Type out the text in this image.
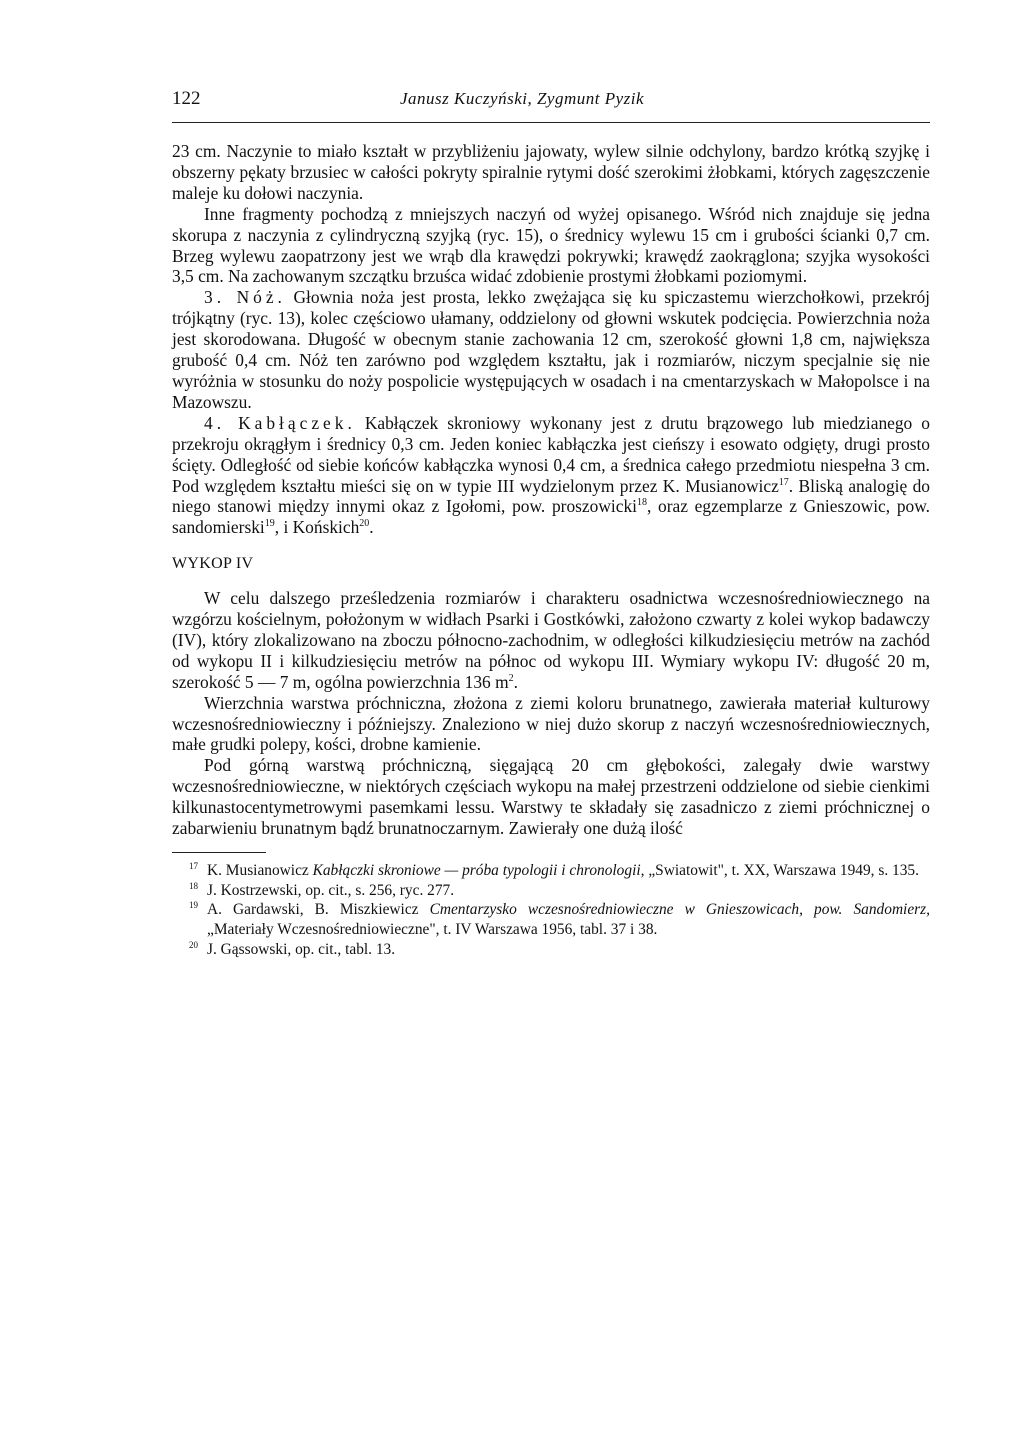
122	Janusz Kuczyński, Zygmunt Pyzik

23 cm. Naczynie to miało kształt w przybliżeniu jajowaty, wylew silnie odchylony, bardzo krótką szyjkę i obszerny pękaty brzusiec w całości pokryty spiralnie rytymi dość szerokimi żłobkami, których zagęszczenie maleje ku dołowi naczynia.

Inne fragmenty pochodzą z mniejszych naczyń od wyżej opisanego. Wśród nich znajduje się jedna skorupa z naczynia z cylindryczną szyjką (ryc. 15), o średnicy wylewu 15 cm i grubości ścianki 0,7 cm. Brzeg wylewu zaopatrzony jest we wrąb dla krawędzi pokrywki; krawędź zaokrąglona; szyjka wysokości 3,5 cm. Na zachowanym szczątku brzuśca widać zdobienie prostymi żłobkami poziomymi.

3. Nóż. Głownia noża jest prosta, lekko zwężająca się ku spiczastemu wierzchołkowi, przekrój trójkątny (ryc. 13), kolec częściowo ułamany, oddzielony od głowni wskutek podcięcia. Powierzchnia noża jest skorodowana. Długość w obecnym stanie zachowania 12 cm, szerokość głowni 1,8 cm, największa grubość 0,4 cm. Nóż ten zarówno pod względem kształtu, jak i rozmiarów, niczym specjalnie się nie wyróżnia w stosunku do noży pospolicie występujących w osadach i na cmentarzyskach w Małopolsce i na Mazowszu.

4. Kabłączek. Kabłączek skroniowy wykonany jest z drutu brązowego lub miedzianego o przekroju okrągłym i średnicy 0,3 cm. Jeden koniec kabłączka jest cieńszy i esowato odgięty, drugi prosto ścięty. Odległość od siebie końców kabłączka wynosi 0,4 cm, a średnica całego przedmiotu niespełna 3 cm. Pod względem kształtu mieści się on w typie III wydzielonym przez K. Musianowicz$^{17}$. Bliską analogię do niego stanowi między innymi okaz z Igołomi, pow. proszowicki$^{18}$, oraz egzemplarze z Gnieszowic, pow. sandomierski$^{19}$, i Końskich$^{20}$.

WYKOP IV

W celu dalszego prześledzenia rozmiarów i charakteru osadnictwa wczesnośredniowiecznego na wzgórzu kościelnym, położonym w widłach Psarki i Gostkówki, założono czwarty z kolei wykop badawczy (IV), który zlokalizowano na zboczu północno-zachodnim, w odległości kilkudziesięciu metrów na zachód od wykopu II i kilkudziesięciu metrów na północ od wykopu III. Wymiary wykopu IV: długość 20 m, szerokość 5 — 7 m, ogólna powierzchnia 136 $m^2$.

Wierzchnia warstwa próchniczna, złożona z ziemi koloru brunatnego, zawierała materiał kulturowy wczesnośredniowieczny i późniejszy. Znaleziono w niej dużo skorup z naczyń wczesnośredniowiecznych, małe grudki polepy, kości, drobne kamienie.

Pod górną warstwą próchniczną, sięgającą 20 cm głębokości, zalegały dwie warstwy wczesnośredniowieczne, w niektórych częściach wykopu na małej przestrzeni oddzielone od siebie cienkimi kilkunastocentymetrowymi pasemkami lessu. Warstwy te składały się zasadniczo z ziemi próchnicznej o zabarwieniu brunatnym bądź brunatnoczarnym. Zawierały one dużą ilość

$^{17}$ K. Musianowicz Kabłączki skroniowe — próba typologii i chronologii, „Swiatowit", t. XX, Warszawa 1949, s. 135.
$^{18}$ J. Kostrzewski, op. cit., s. 256, ryc. 277.
$^{19}$ A. Gardawski, B. Miszkiewicz Cmentarzysko wczesnośredniowieczne w Gnieszowicach, pow. Sandomierz, „Materiały Wczesnośredniowieczne", t. IV Warszawa 1956, tabl. 37 i 38.
$^{20}$ J. Gąssowski, op. cit., tabl. 13.
